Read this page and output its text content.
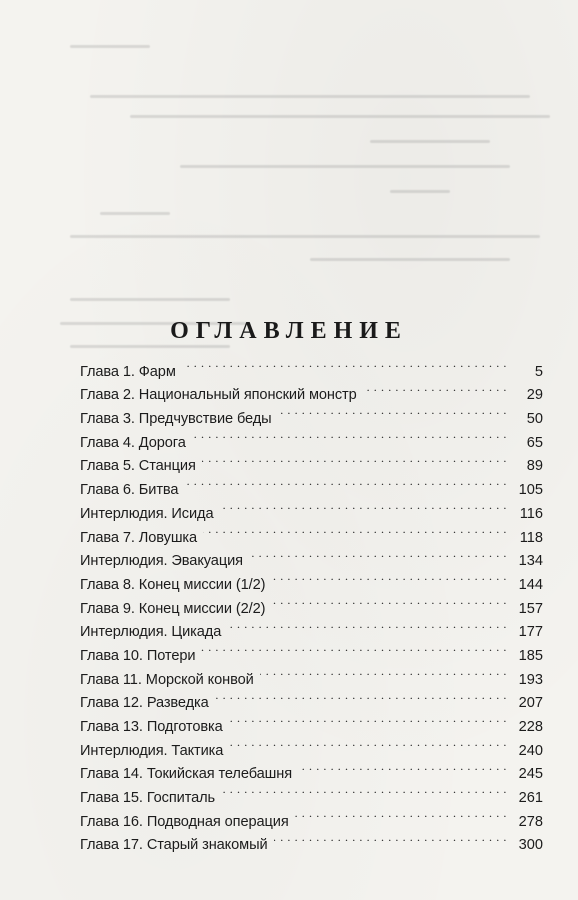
ОГЛАВЛЕНИЕ
Глава 1. Фарм . . .	5
Глава 2. Национальный японский монстр . . .	29
Глава 3. Предчувствие беды . . .	50
Глава 4. Дорога . . .	65
Глава 5. Станция . . .	89
Глава 6. Битва . . .	105
Интерлюдия. Исида . . .	116
Глава 7. Ловушка . . .	118
Интерлюдия. Эвакуация . . .	134
Глава 8. Конец миссии (1/2) . . .	144
Глава 9. Конец миссии (2/2) . . .	157
Интерлюдия. Цикада . . .	177
Глава 10. Потери . . .	185
Глава 11. Морской конвой . . .	193
Глава 12. Разведка . . .	207
Глава 13. Подготовка . . .	228
Интерлюдия. Тактика . . .	240
Глава 14. Токийская телебашня . . .	245
Глава 15. Госпиталь . . .	261
Глава 16. Подводная операция . . .	278
Глава 17. Старый знакомый . . .	300
